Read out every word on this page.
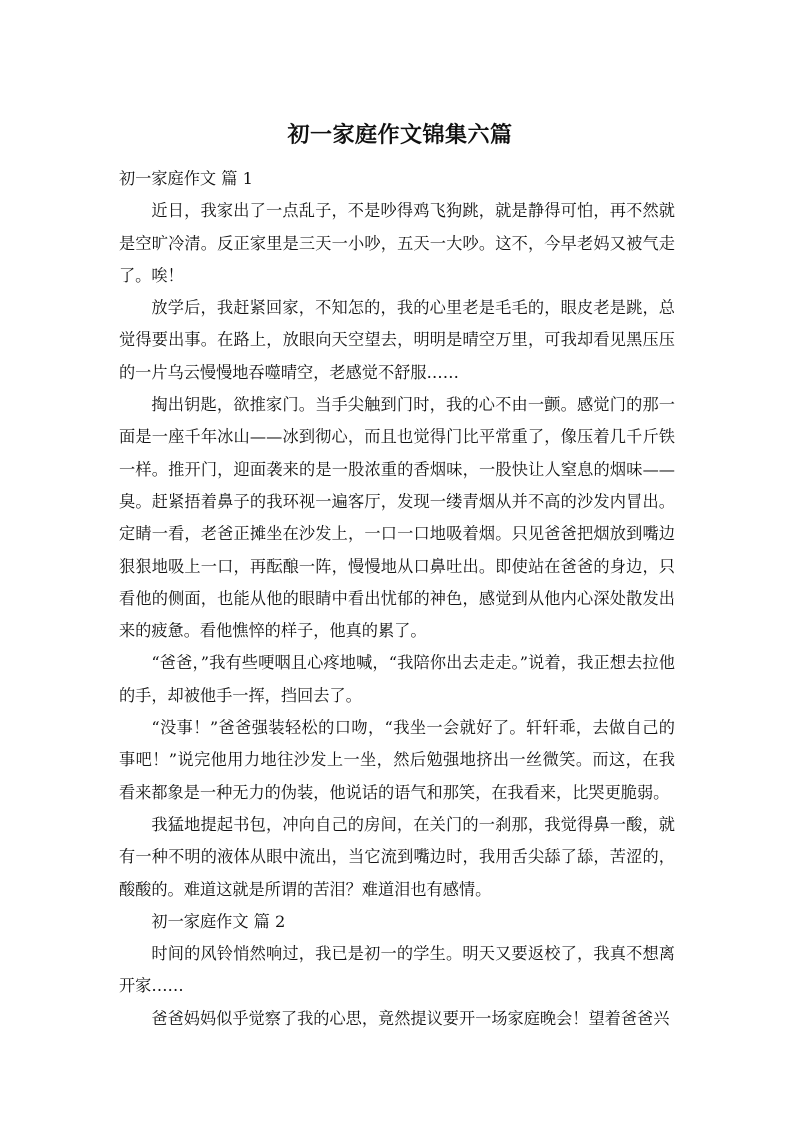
初一家庭作文锦集六篇

初一家庭作文 篇 1

近日，我家出了一点乱子，不是吵得鸡飞狗跳，就是静得可怕，再不然就是空旷冷清。反正家里是三天一小吵，五天一大吵。这不，今早老妈又被气走了。唉！

放学后，我赶紧回家，不知怎的，我的心里老是毛毛的，眼皮老是跳，总觉得要出事。在路上，放眼向天空望去，明明是晴空万里，可我却看见黑压压的一片乌云慢慢地吞噬晴空，老感觉不舒服……

掏出钥匙，欲推家门。当手尖触到门时，我的心不由一颤。感觉门的那一面是一座千年冰山——冰到彻心，而且也觉得门比平常重了，像压着几千斤铁一样。推开门，迎面袭来的是一股浓重的香烟味，一股快让人窒息的烟味——臭。赶紧捂着鼻子的我环视一遍客厅，发现一缕青烟从并不高的沙发内冒出。定睛一看，老爸正摊坐在沙发上，一口一口地吸着烟。只见爸爸把烟放到嘴边狠狠地吸上一口，再酝酿一阵，慢慢地从口鼻吐出。即使站在爸爸的身边，只看他的侧面，也能从他的眼睛中看出忧郁的神色，感觉到从他内心深处散发出来的疲惫。看他憔悴的样子，他真的累了。

“爸爸，”我有些哽咽且心疼地喊，“我陪你出去走走。”说着，我正想去拉他的手，却被他手一挥，挡回去了。

“没事！”爸爸强装轻松的口吻，“我坐一会就好了。轩轩乖，去做自己的事吧！”说完他用力地往沙发上一坐，然后勉强地挤出一丝微笑。而这，在我看来都象是一种无力的伪装，他说话的语气和那笑，在我看来，比哭更脆弱。

我猛地提起书包，冲向自己的房间，在关门的一刹那，我觉得鼻一酸，就有一种不明的液体从眼中流出，当它流到嘴边时，我用舌尖舔了舔，苦涩的，酸酸的。难道这就是所谓的苦泪？难道泪也有感情。

初一家庭作文 篇 2

时间的风铃悄然响过，我已是初一的学生。明天又要返校了，我真不想离开家……

爸爸妈妈似乎觉察了我的心思，竟然提议要开一场家庭晚会！望着爸爸兴
